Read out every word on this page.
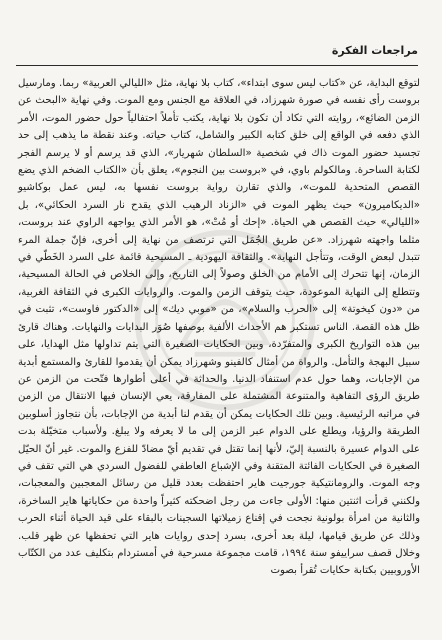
مراجعات الفكرة

لتوقع البداية، عن «كتاب ليس سوى ابتداء»، كتاب بلا نهاية، مثل «الليالي العربية» ربما. ومارسيل بروست رأى نفسه في صورة شهرزاد، في العلاقة مع الجنس ومع الموت. وفي نهاية «البحث عن الزمن الضائع»، روايته التي تكاد أن تكون بلا نهاية، يكتب تأملاً احتفالياً حول حضور الموت، الأمر الذي دفعه في الواقع إلى خلق كتابه الكبير والشامل، كتاب حياته. وعند نقطة ما يذهب إلى حد تجسيد حضور الموت ذاك في شخصية «السلطان شهريار»، الذي قد يرسم أو لا يرسم الفجر لكتابة الساحرة. ومالكولم باوي، في «بروست بين النجوم»، يعلق بأن «الكتاب الضخم الذي يضع القصص المتحدية للموت»، والذي تقارن رواية بروست نفسها به، ليس عمل بوكاشيو «الديكاميرون» حيث يظهر الموت في «الزناد الرهيب الذي يقدح نار السرد الحكائي»، بل «الليالي» حيث القصص هي الحياة. «إحك أو مُتْ»، هو الأمر الذي يواجهه الراوي عند بروست، مثلما واجهته شهرزاد. «عن طريق الجُمَل التي ترتصف من نهاية إلى أخرى، فإنّ جملة المرء تتبدل لبعض الوقت، وتتأجل النهاية». والثقافة اليهودية ـ المسيحية قائمة على السرد الخَطّي في الزمان، إنها تتحرك إلى الأمام من الخلق وصولاً إلى التاريخ، وإلى الخلاص في الحالة المسيحية، وتتطلع إلى النهاية الموعودة، حيث يتوقف الزمن والموت. والروايات الكبرى في الثقافة الغربية، من «دون كيخوتة» إلى «الحرب والسلام»، من «موبي ديك» إلى «الدكتور فاوست»، تثبت في ظل هذه القصة. الناس تستكبر هم الأحداث الألفية بوصفها صُوَر البدايات والنهايات. وهناك قارئ بين هذه التواريخ الكبرى والمتفرّدة، وبين الحكايات الصغيرة التي يتم تداولها مثل الهدايا، على سبيل البهجة والتأمل. والرواة من أمثال كالفينو وشهرزاد يمكن أن يقدموا للقارئ والمستمع أبدية من الإجابات، وهما حول عدم استنفاد الدنيا. والحداثة في أعلى أطوارها فتّحت من الزمن عن طريق الرؤى التفاهية والمتنوعة المشتملة على المفارقة، يعي الإنسان فيها الانتقال من الزمن في مراتبه الرئيسية. وبين تلك الحكايات يمكن أن يقدم لنا أبدية من الإجابات، بأن نتجاوز أسلوبين الطريقة والرؤيا، ويطلع على الدوام عبر الزمن إلى ما لا يعرفه ولا يبلغ. ولأسباب متخيّلة بدت على الدوام عسيرة بالنسبة إليّ، لأنها إنما تقتل في تقديم أيّ مضادّ للفزع والموت. غير أنّ الحيّل الصغيرة في الحكايات الفائتة المتقنة وفي الإشباع العاطفي للفضول السردي هي التي تقف في وجه الموت. والرومانتيكية جورجيت هاير احتفظت بعدد قليل من رسائل المعجبين والمعجبات، ولكنني قرأت اثنتين منها: الأولى جاءت من رجل اضحكته كثيراً واحدة من حكاياتها هاير الساخرة، والثانية من امرأة بولونية نجحت في إقناع زميلاتها السجينات بالبقاء على قيد الحياة أثناء الحرب وذلك عن طريق قيامها، ليلة بعد أخرى، بسرد إحدى روايات هاير التي تحفظها عن ظهر قلب. وخلال قصف سراييفو سنة ١٩٩٤، قامت مجموعة مسرحية في أمستردام بتكليف عدد من الكتّاب الأوروبيين بكتابة حكايات تُقرأ بصوت
